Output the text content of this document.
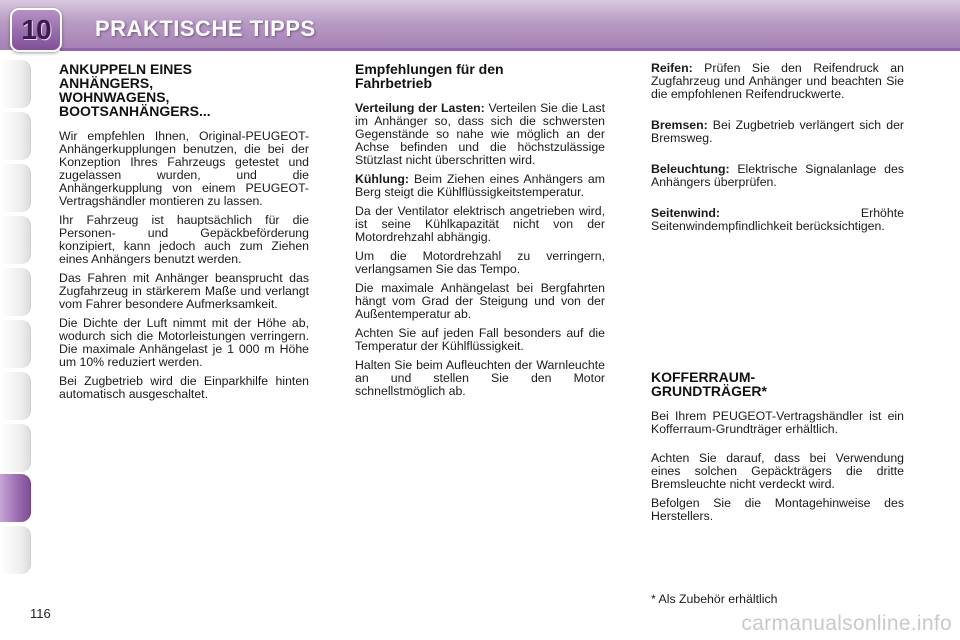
10 PRAKTISCHE TIPPS
ANKUPPELN EINES
ANHÄNGERS,
WOHNWAGENS,
BOOTSANHÄNGERS...

Wir empfehlen Ihnen, Original-PEUGEOT-Anhängerkupplungen benutzen, die bei der Konzeption Ihres Fahrzeugs getestet und zugelassen wurden, und die Anhängerkupplung von einem PEUGEOT-Vertragshändler montieren zu lassen.

Ihr Fahrzeug ist hauptsächlich für die Personen- und Gepäckbeförderung konzipiert, kann jedoch auch zum Ziehen eines Anhängers benutzt werden.

Das Fahren mit Anhänger beansprucht das Zugfahrzeug in stärkerem Maße und verlangt vom Fahrer besondere Aufmerksamkeit.

Die Dichte der Luft nimmt mit der Höhe ab, wodurch sich die Motorleistungen verringern. Die maximale Anhängelast je 1 000 m Höhe um 10% reduziert werden.

Bei Zugbetrieb wird die Einparkhilfe hinten automatisch ausgeschaltet.

Empfehlungen für den
Fahrbetrieb

Verteilung der Lasten: Verteilen Sie die Last im Anhänger so, dass sich die schwersten Gegenstände so nahe wie möglich an der Achse befinden und die höchstzulässige Stützlast nicht überschritten wird.

Kühlung: Beim Ziehen eines Anhängers am Berg steigt die Kühlflüssigkeitstemperatur.

Da der Ventilator elektrisch angetrieben wird, ist seine Kühlkapazität nicht von der Motordrehzahl abhängig.

Um die Motordrehzahl zu verringern, verlangsamen Sie das Tempo.

Die maximale Anhängelast bei Bergfahrten hängt vom Grad der Steigung und von der Außentemperatur ab.

Achten Sie auf jeden Fall besonders auf die Temperatur der Kühlflüssigkeit.

Halten Sie beim Aufleuchten der Warnleuchte an und stellen Sie den Motor schnellstmöglich ab.

Reifen: Prüfen Sie den Reifendruck an Zugfahrzeug und Anhänger und beachten Sie die empfohlenen Reifendruckwerte.

Bremsen: Bei Zugbetrieb verlängert sich der Bremsweg.

Beleuchtung: Elektrische Signalanlage des Anhängers überprüfen.

Seitenwind: Erhöhte Seitenwindempfindlichkeit berücksichtigen.

KOFFERRAUM-
GRUNDTRÄGER*

Bei Ihrem PEUGEOT-Vertragshändler ist ein Kofferraum-Grundträger erhältlich.

Achten Sie darauf, dass bei Verwendung eines solchen Gepäckträgers die dritte Bremsleuchte nicht verdeckt wird.

Befolgen Sie die Montagehinweise des Herstellers.

* Als Zubehör erhältlich
116	carmanualsonline.info
